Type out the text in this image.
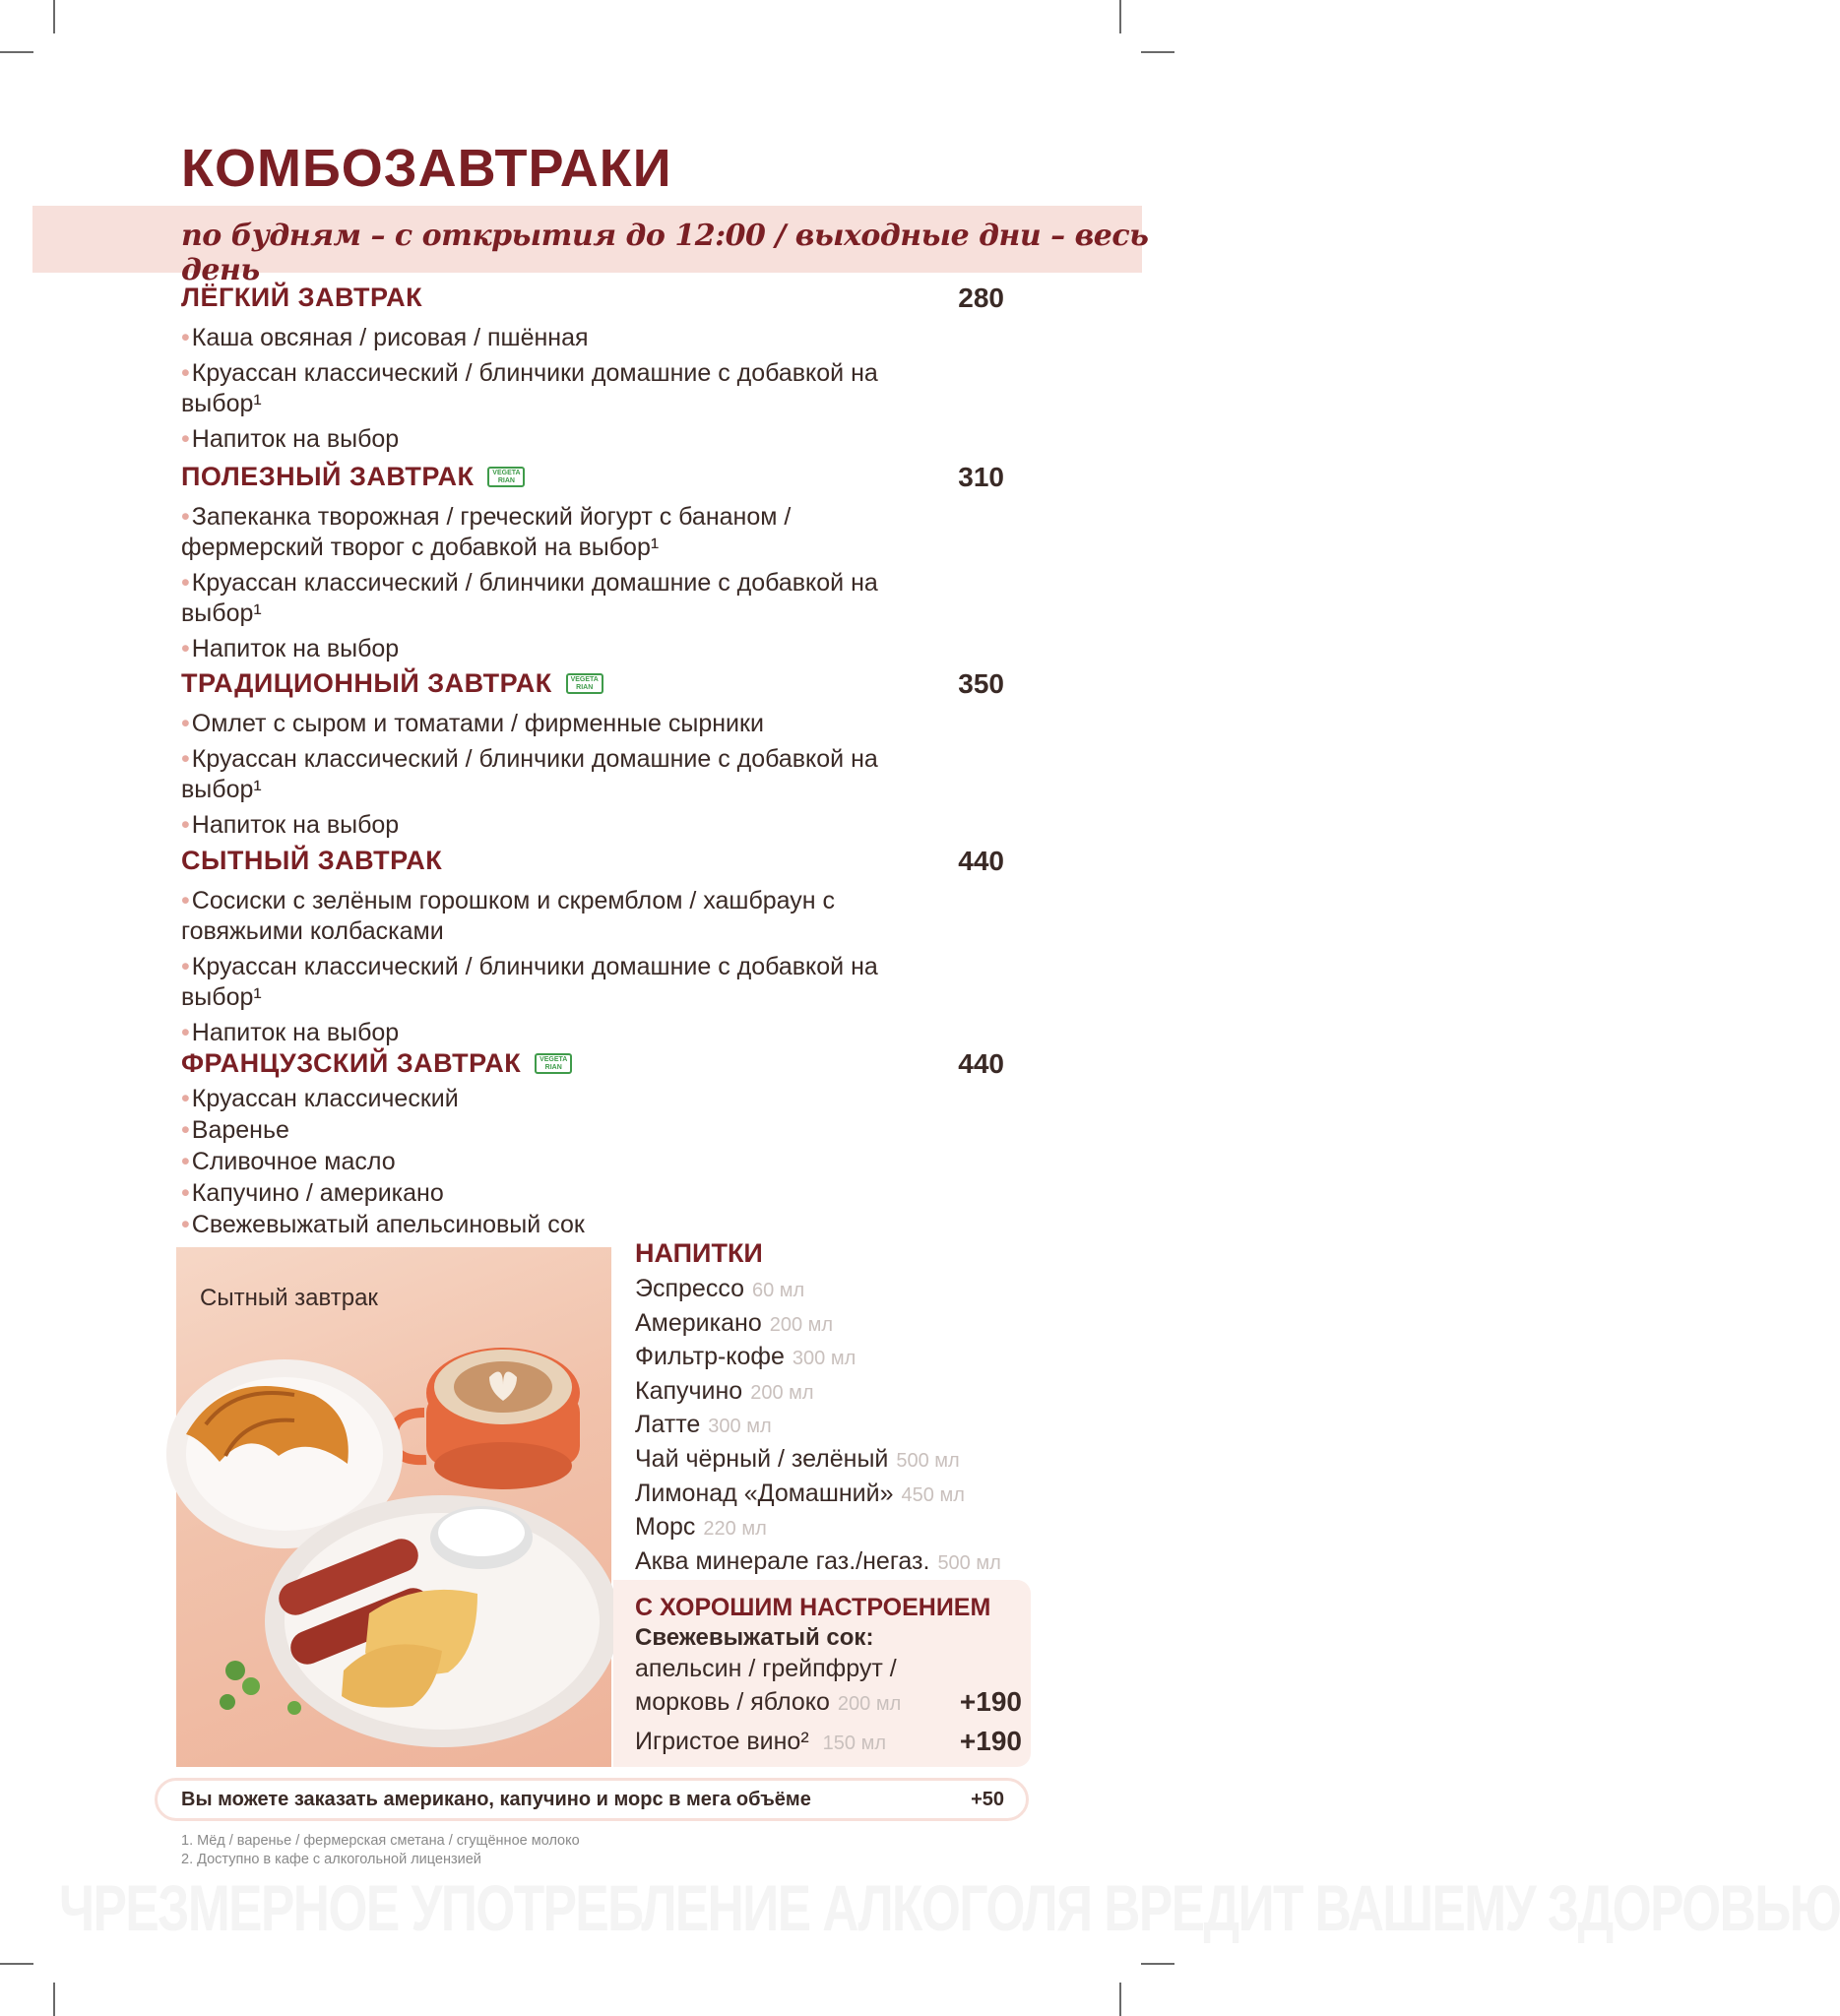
КОМБОЗАВТРАКИ
по будням – с открытия до 12:00 / выходные дни – весь день
ЛЁГКИЙ ЗАВТРАК	280
•Каша овсяная / рисовая / пшённая
•Круассан классический / блинчики домашние с добавкой на выбор¹
•Напиток на выбор
ПОЛЕЗНЫЙ ЗАВТРАК	VEGETA RIAN	310
•Запеканка творожная / греческий йогурт с бананом / фермерский творог с добавкой на выбор¹
•Круассан классический / блинчики домашние с добавкой на выбор¹
•Напиток на выбор
ТРАДИЦИОННЫЙ ЗАВТРАК	VEGETA RIAN	350
•Омлет с сыром и томатами / фирменные сырники
•Круассан классический / блинчики домашние с добавкой на выбор¹
•Напиток на выбор
СЫТНЫЙ ЗАВТРАК	440
•Сосиски с зелёным горошком и скремблом / хашбраун с говяжьими колбасками
•Круассан классический / блинчики домашние с добавкой на выбор¹
•Напиток на выбор
ФРАНЦУЗСКИЙ ЗАВТРАК	VEGETA RIAN	440
•Круассан классический
•Варенье
•Сливочное масло
•Капучино / американо
•Свежевыжатый апельсиновый сок
Сытный завтрак
НАПИТКИ
Эспрессо 60 мл
Американо 200 мл
Фильтр-кофе 300 мл
Капучино 200 мл
Латте 300 мл
Чай чёрный / зелёный 500 мл
Лимонад «Домашний» 450 мл
Морс 220 мл
Аква минерале газ./негаз. 500 мл
С ХОРОШИМ НАСТРОЕНИЕМ
Свежевыжатый сок:
апельсин / грейпфрут /
морковь / яблоко 200 мл +190
Игристое вино² 150 мл	+190
Вы можете заказать американо, капучино и морс в мега объёме	+50
1. Мёд / варенье / фермерская сметана / сгущённое молоко
2. Доступно в кафе с алкогольной лицензией
ЧРЕЗМЕРНОЕ УПОТРЕБЛЕНИЕ АЛКОГОЛЯ ВРЕДИТ ВАШЕМУ ЗДОРОВЬЮ
